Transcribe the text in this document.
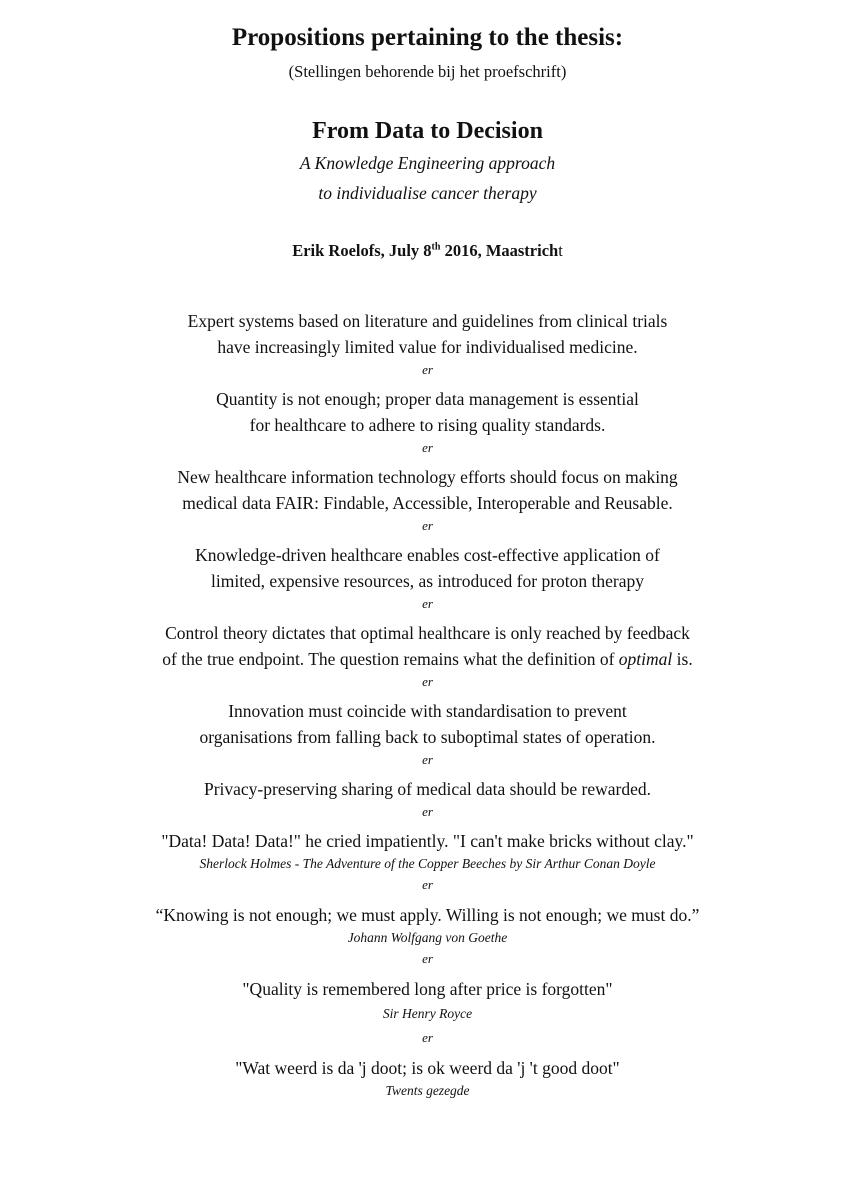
Propositions pertaining to the thesis:
(Stellingen behorende bij het proefschrift)
From Data to Decision
A Knowledge Engineering approach
to individualise cancer therapy
Erik Roelofs, July 8th 2016, Maastricht
Expert systems based on literature and guidelines from clinical trials
have increasingly limited value for individualised medicine.
er
Quantity is not enough; proper data management is essential
for healthcare to adhere to rising quality standards.
er
New healthcare information technology efforts should focus on making
medical data FAIR: Findable, Accessible, Interoperable and Reusable.
er
Knowledge-driven healthcare enables cost-effective application of
limited, expensive resources, as introduced for proton therapy
er
Control theory dictates that optimal healthcare is only reached by feedback
of the true endpoint. The question remains what the definition of optimal is.
er
Innovation must coincide with standardisation to prevent
organisations from falling back to suboptimal states of operation.
er
Privacy-preserving sharing of medical data should be rewarded.
er
"Data! Data! Data!" he cried impatiently. "I can't make bricks without clay."
Sherlock Holmes - The Adventure of the Copper Beeches by Sir Arthur Conan Doyle
er
“Knowing is not enough; we must apply. Willing is not enough; we must do.”
Johann Wolfgang von Goethe
er
"Quality is remembered long after price is forgotten"
Sir Henry Royce
er
"Wat weerd is da 'j doot; is ok weerd da 'j 't good doot"
Twents gezegde
